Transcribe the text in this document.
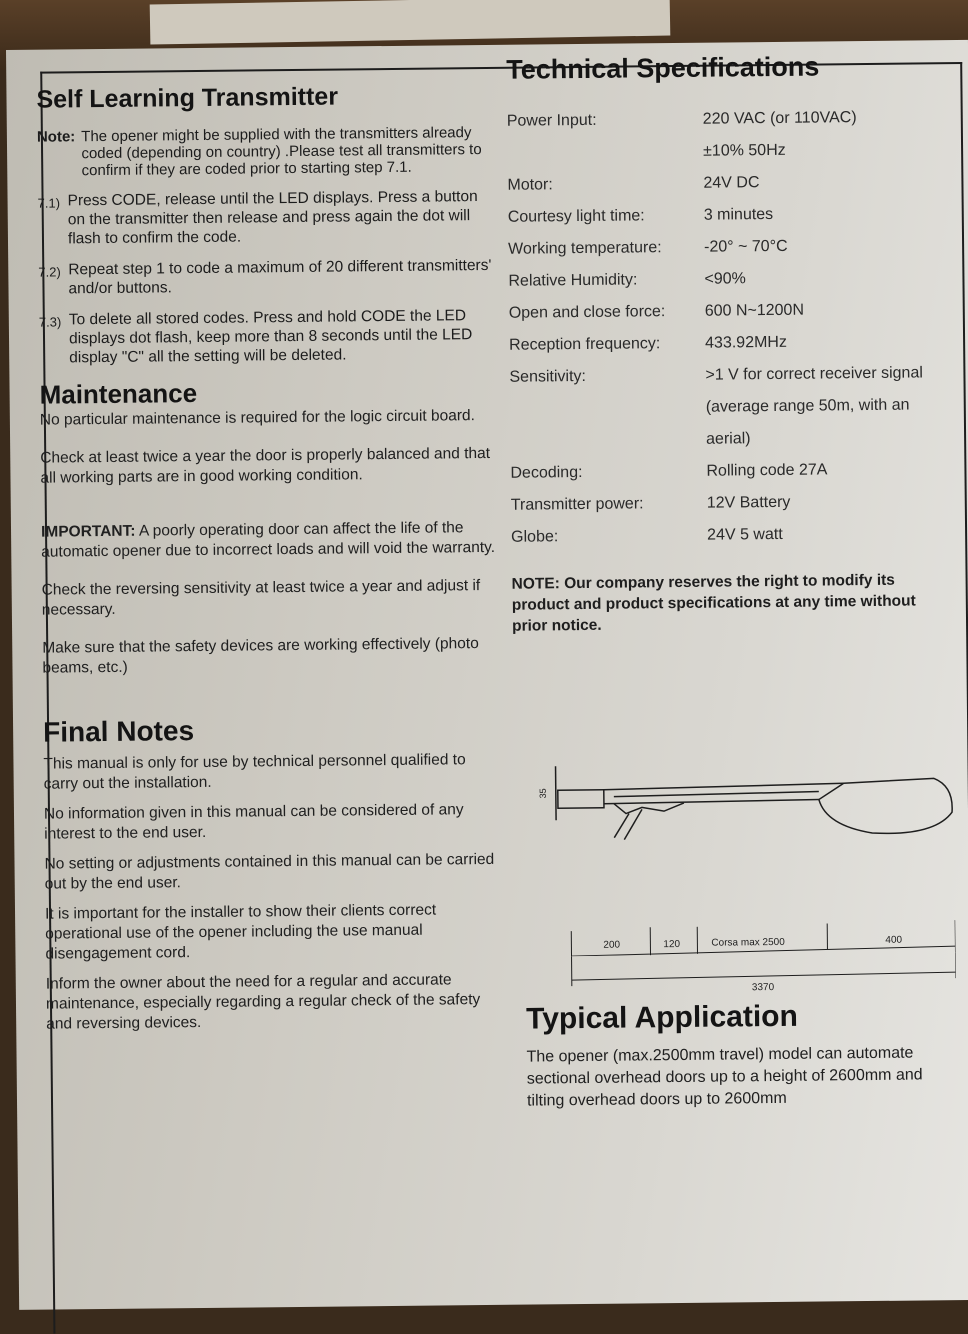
Self Learning Transmitter
Note: The opener might be supplied with the transmitters already coded (depending on country) .Please test all transmitters to confirm if they are coded prior to starting step 7.1.
7.1) Press CODE, release until the LED displays. Press a button on the transmitter then release and press again the dot will flash to confirm the code.
7.2) Repeat step 1 to code a maximum of 20 different transmitters' and/or buttons.
7.3) To delete all stored codes. Press and hold CODE the LED displays dot flash, keep more than 8 seconds until the LED display "C" all the setting will be deleted.
Maintenance

No particular maintenance is required for the logic circuit board.

Check at least twice a year the door is properly balanced and that all working parts are in good working condition.

IMPORTANT: A poorly operating door can affect the life of the automatic opener due to incorrect loads and will void the warranty.

Check the reversing sensitivity at least twice a year and adjust if necessary.

Make sure that the safety devices are working effectively (photo beams, etc.)

Final Notes

This manual is only for use by technical personnel qualified to carry out the installation.

No information given in this manual can be considered of any interest to the end user.

No setting or adjustments contained in this manual can be carried out by the end user.

It is important for the installer to show their clients correct operational use of the opener including the use manual disengagement cord.

Inform the owner about the need for a regular and accurate maintenance, especially regarding a regular check of the safety and reversing devices.

Technical Specifications
Power Input:	220 VAC (or 110VAC)
±10% 50Hz
Motor:	24V DC
Courtesy light time:	3 minutes
Working temperature:	-20° ~ 70°C
Relative Humidity:	<90%
Open and close force:	600 N~1200N
Reception frequency:	433.92MHz
Sensitivity:	>1 V for correct receiver signal
(average range 50m, with an
aerial)
Decoding:	Rolling code 27A
Transmitter power:	12V Battery
Globe:	24V 5 watt
NOTE: Our company reserves the right to modify its product and product specifications at any time without prior notice.
35
200	120	Corsa max 2500	400
3370
Typical Application

The opener (max.2500mm travel) model can automate sectional overhead doors up to a height of 2600mm and tilting overhead doors up to 2600mm
